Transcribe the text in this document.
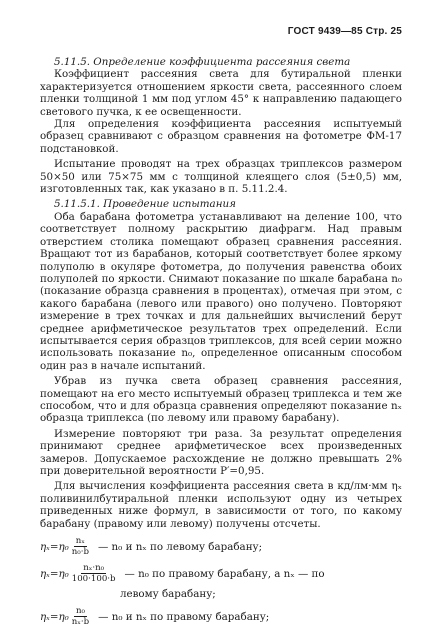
ГОСТ 9439—85 Стр. 25

5.11.5. Определение коэффициента рассеяния света

Коэффициент рассеяния света для бутиральной пленки характеризуется отношением яркости света, рассеянного слоем пленки толщиной 1 мм под углом 45° к направлению падающего светового пучка, к ее освещенности.

Для определения коэффициента рассеяния испытуемый образец сравнивают с образцом сравнения на фотометре ФМ-17 подстановкой.

Испытание проводят на трех образцах триплексов размером 50×50 или 75×75 мм с толщиной клеящего слоя (5±0,5) мм, изготовленных так, как указано в п. 5.11.2.4.

5.11.5.1. Проведение испытания

Оба барабана фотометра устанавливают на деление 100, что соответствует полному раскрытию диафрагм. Над правым отверстием столика помещают образец сравнения рассеяния. Вращают тот из барабанов, который соответствует более яркому полуполю в окуляре фотометра, до получения равенства обоих полуполей по яркости. Снимают показание по шкале барабана n₀ (показание образца сравнения в процентах), отмечая при этом, с какого барабана (левого или правого) оно получено. Повторяют измерение в трех точках и для дальнейших вычислений берут среднее арифметическое результатов трех определений. Если испытывается серия образцов триплексов, для всей серии можно использовать показание n₀, определенное описанным способом один раз в начале испытаний.

Убрав из пучка света образец сравнения рассеяния, помещают на его место испытуемый образец триплекса и тем же способом, что и для образца сравнения определяют показание nₓ образца триплекса (по левому или правому барабану).

Измерение повторяют три раза. За результат определения принимают среднее арифметическое всех произведенных замеров. Допускаемое расхождение не должно превышать 2% при доверительной вероятности P′=0,95.

Для вычисления коэффициента рассеяния света в кд/лм·мм ηₓ поливинилбутиральной пленки используют одну из четырех приведенных ниже формул, в зависимости от того, по какому барабану (правому или левому) получены отсчеты.

$\eta_x=\eta_0 \frac{\text{nₓ}}{\text{n₀·b}}$ — n₀ и nₓ по левому барабану;
$\eta_x=\eta_0 \frac{\text{nₓ·n₀}}{100\cdot 100\cdot b}$ — n₀ по правому барабану, а nₓ — по
левому барабану;
$\eta_x=\eta_0 \frac{\text{n₀}}{\text{nₓ·b}}$ — n₀ и nₓ по правому барабану;
